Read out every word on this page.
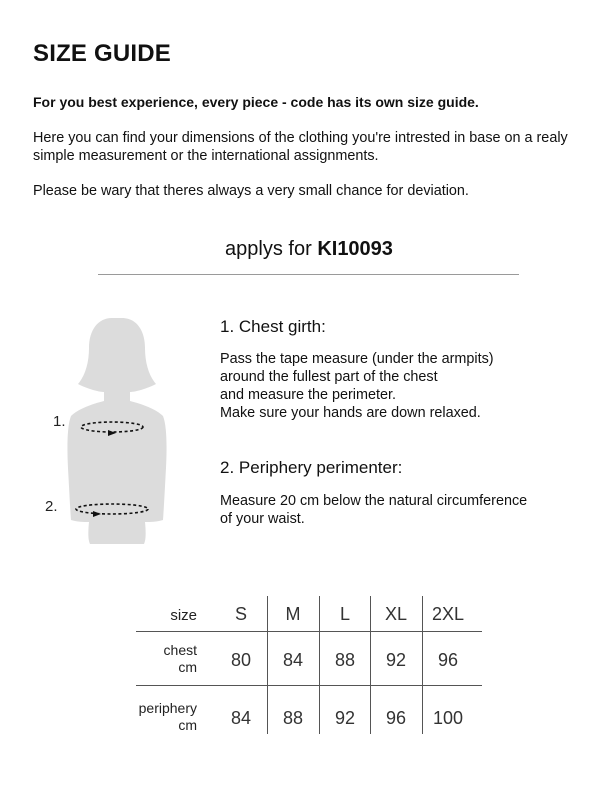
SIZE GUIDE
For you best experience, every piece - code has its own size guide.
Here you can find your dimensions of the clothing you're intrested in base on a realy simple measurement or the international assignments.
Please be wary that theres always a very small chance for deviation.
applys for KI10093
1.
2.
1. Chest girth:
Pass the tape measure (under the armpits)
around the fullest part of the chest
and measure the perimeter.
Make sure your hands are down relaxed.
2. Periphery perimenter:
Measure 20 cm below the natural circumference
of your waist.
size	S	M	L	XL	2XL
chest
cm	80	84	88	92	96
periphery
cm	84	88	92	96	100
